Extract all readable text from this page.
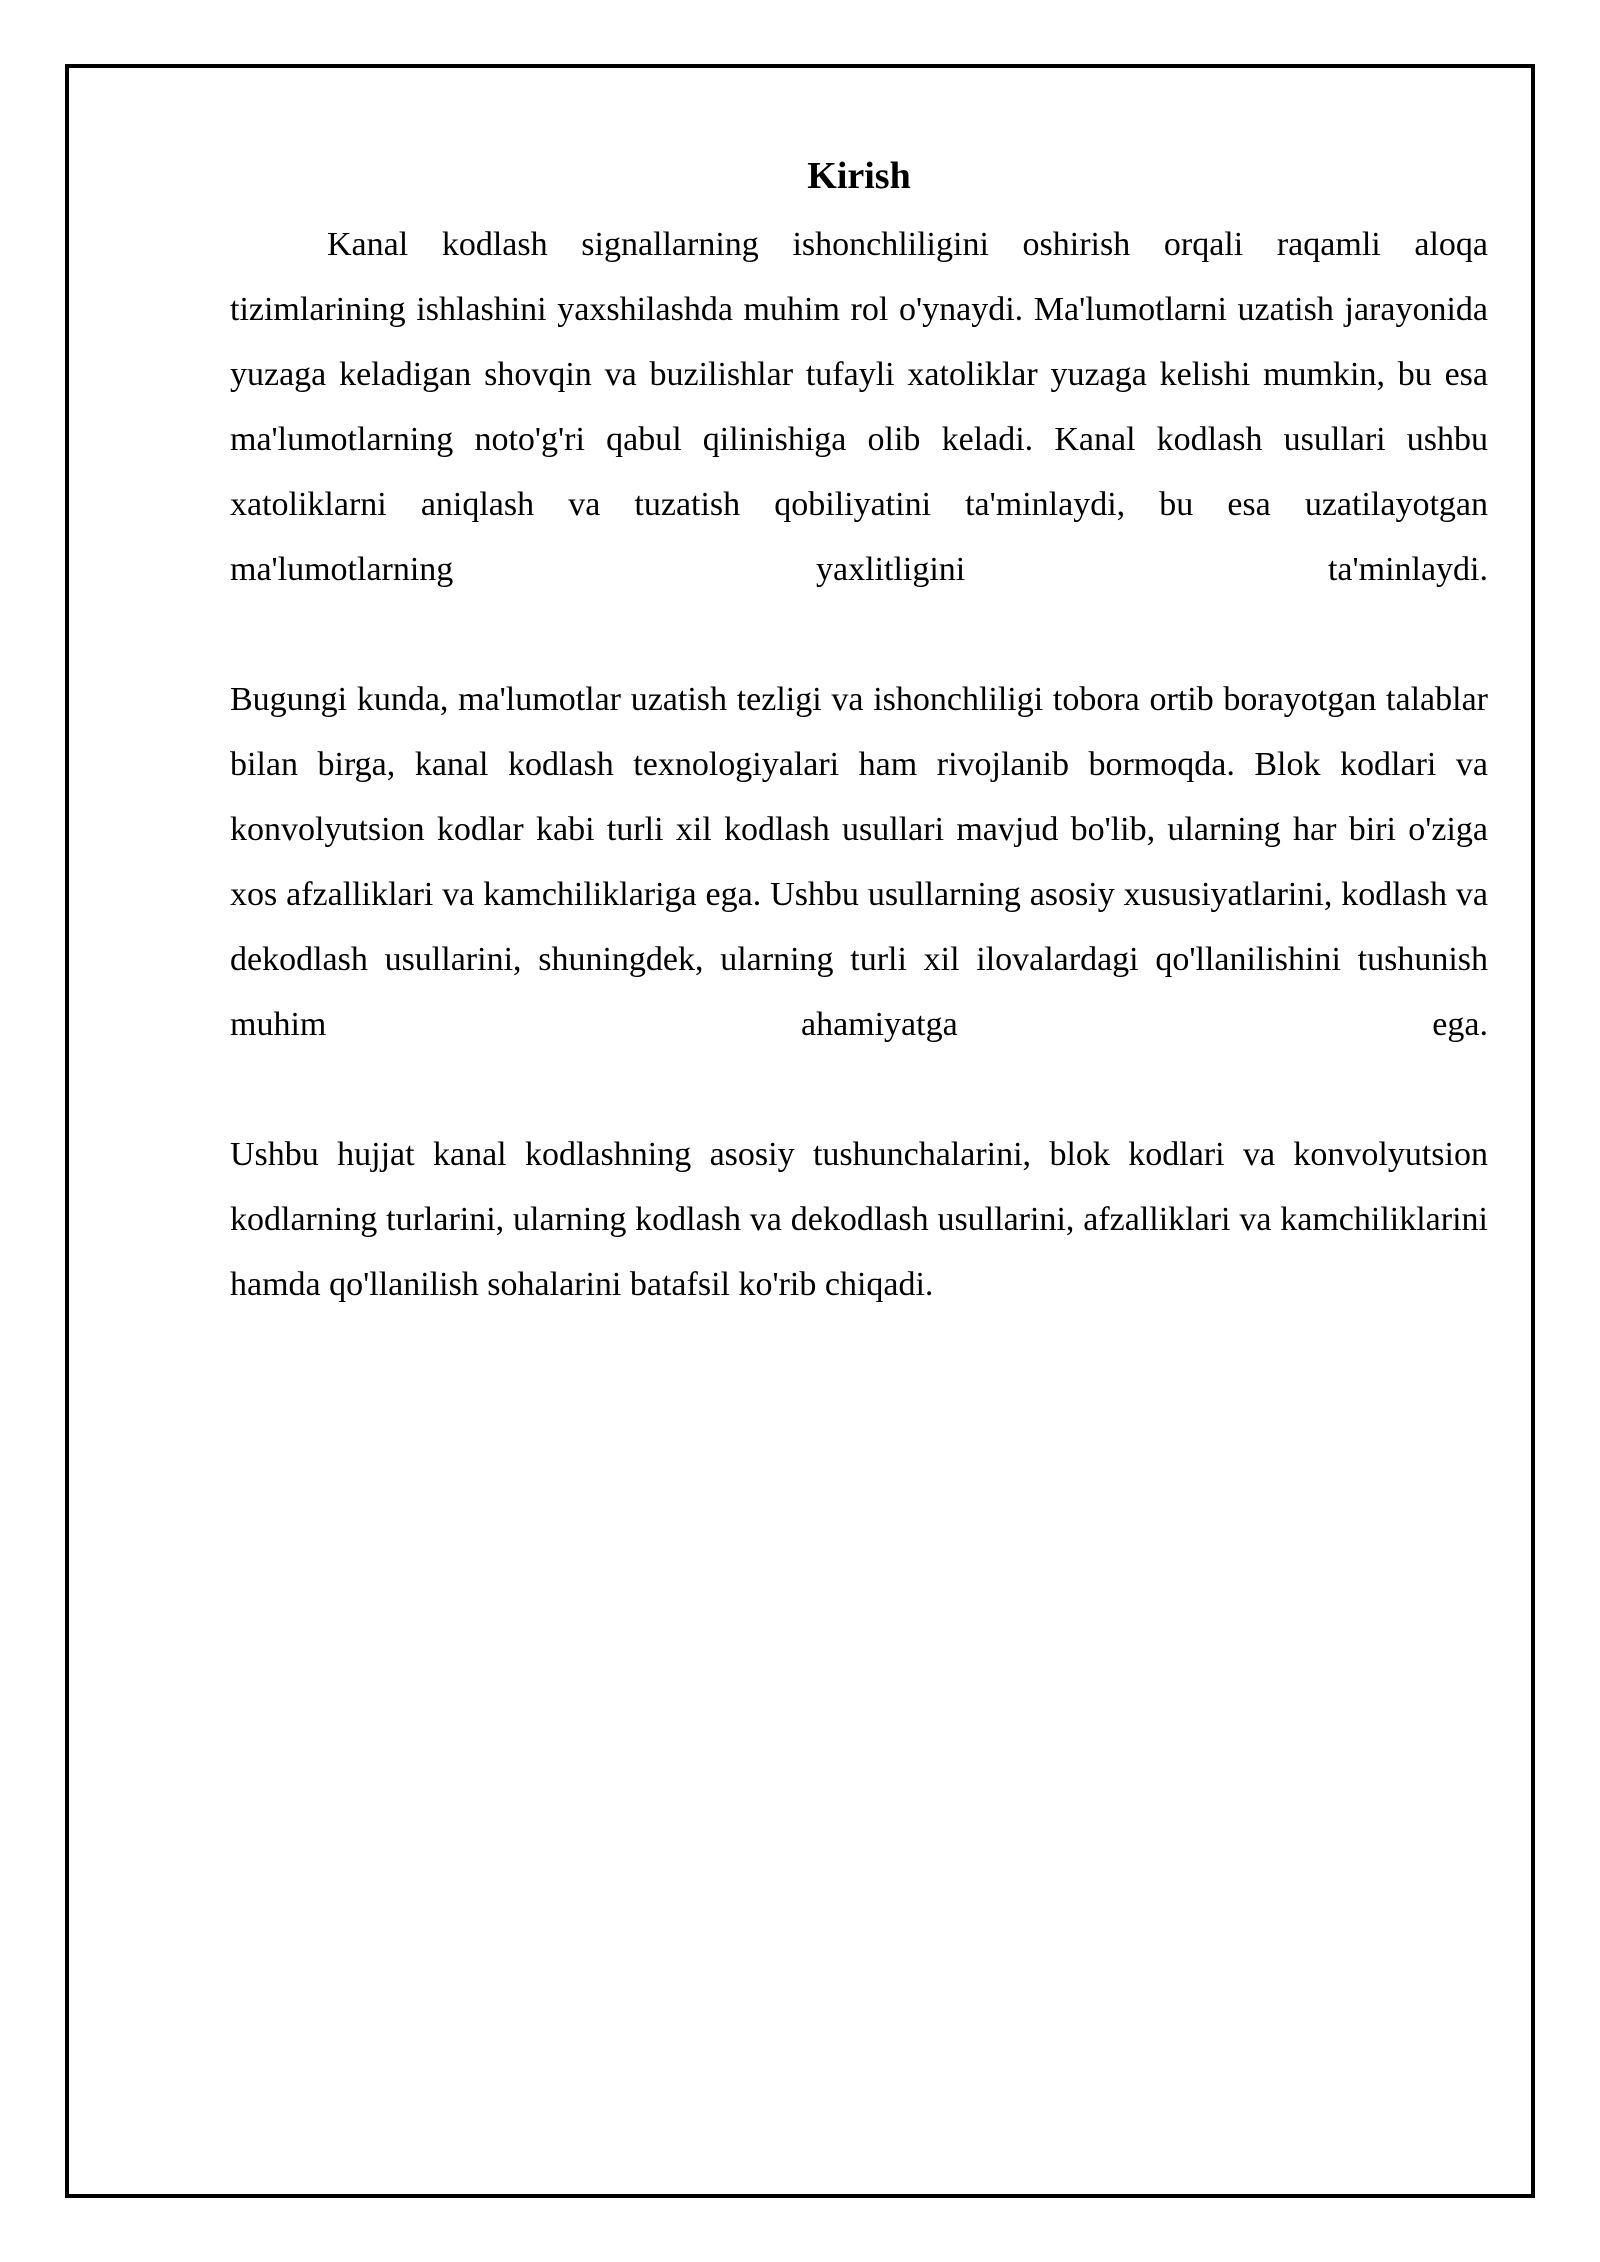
Kirish

Kanal kodlash signallarning ishonchliligini oshirish orqali raqamli aloqa tizimlarining ishlashini yaxshilashda muhim rol o'ynaydi. Ma'lumotlarni uzatish jarayonida yuzaga keladigan shovqin va buzilishlar tufayli xatoliklar yuzaga kelishi mumkin, bu esa ma'lumotlarning noto'g'ri qabul qilinishiga olib keladi. Kanal kodlash usullari ushbu xatoliklarni aniqlash va tuzatish qobiliyatini ta'minlaydi, bu esa uzatilayotgan ma'lumotlarning yaxlitligini ta'minlaydi.

Bugungi kunda, ma'lumotlar uzatish tezligi va ishonchliligi tobora ortib borayotgan talablar bilan birga, kanal kodlash texnologiyalari ham rivojlanib bormoqda. Blok kodlari va konvolyutsion kodlar kabi turli xil kodlash usullari mavjud bo'lib, ularning har biri o'ziga xos afzalliklari va kamchiliklariga ega. Ushbu usullarning asosiy xususiyatlarini, kodlash va dekodlash usullarini, shuningdek, ularning turli xil ilovalardagi qo'llanilishini tushunish muhim ahamiyatga ega.

Ushbu hujjat kanal kodlashning asosiy tushunchalarini, blok kodlari va konvolyutsion kodlarning turlarini, ularning kodlash va dekodlash usullarini, afzalliklari va kamchiliklarini hamda qo'llanilish sohalarini batafsil ko'rib chiqadi.
